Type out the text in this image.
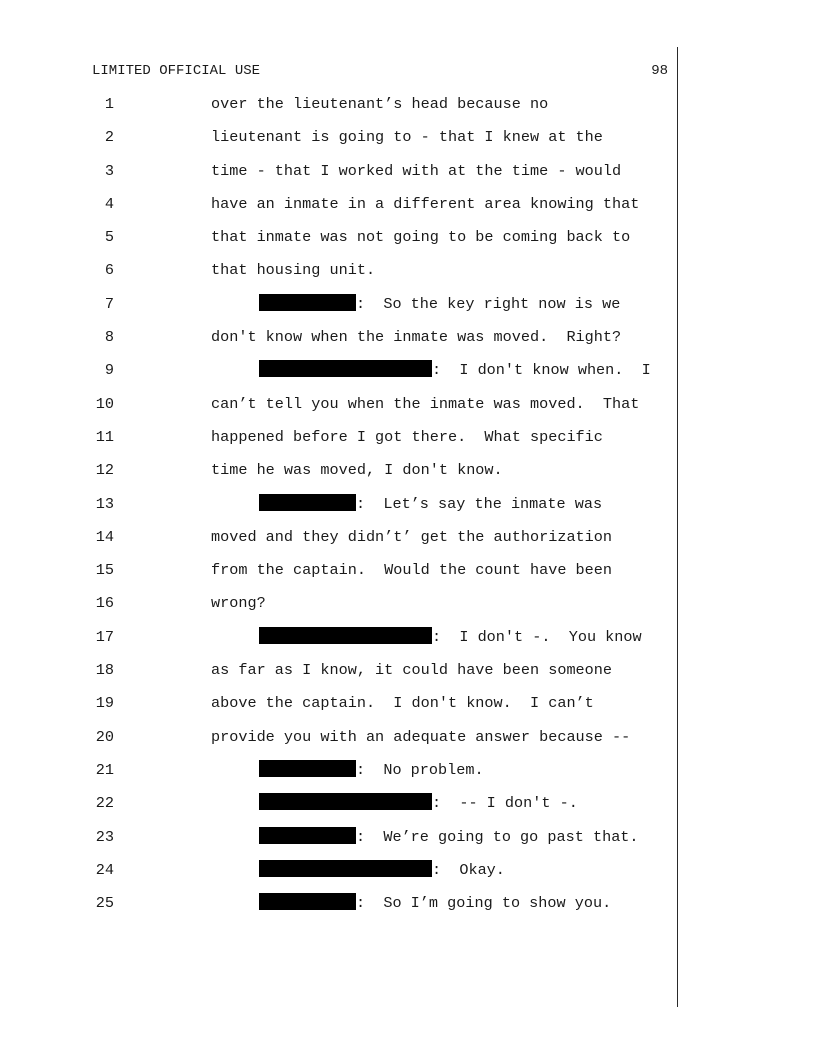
LIMITED OFFICIAL USE	98
1	over the lieutenant’s head because no
2	lieutenant is going to - that I knew at the
3	time - that I worked with at the time - would
4	have an inmate in a different area knowing that
5	that inmate was not going to be coming back to
6	that housing unit.
7	:  So the key right now is we
8	don't know when the inmate was moved.  Right?
9	:  I don't know when.  I
10	can’t tell you when the inmate was moved.  That
11	happened before I got there.  What specific
12	time he was moved, I don't know.
13	:  Let’s say the inmate was
14	moved and they didn’t’ get the authorization
15	from the captain.  Would the count have been
16	wrong?
17	:  I don't -.  You know
18	as far as I know, it could have been someone
19	above the captain.  I don't know.  I can’t
20	provide you with an adequate answer because --
21	:  No problem.
22	:  -- I don't -.
23	:  We’re going to go past that.
24	:  Okay.
25	:  So I’m going to show you.
